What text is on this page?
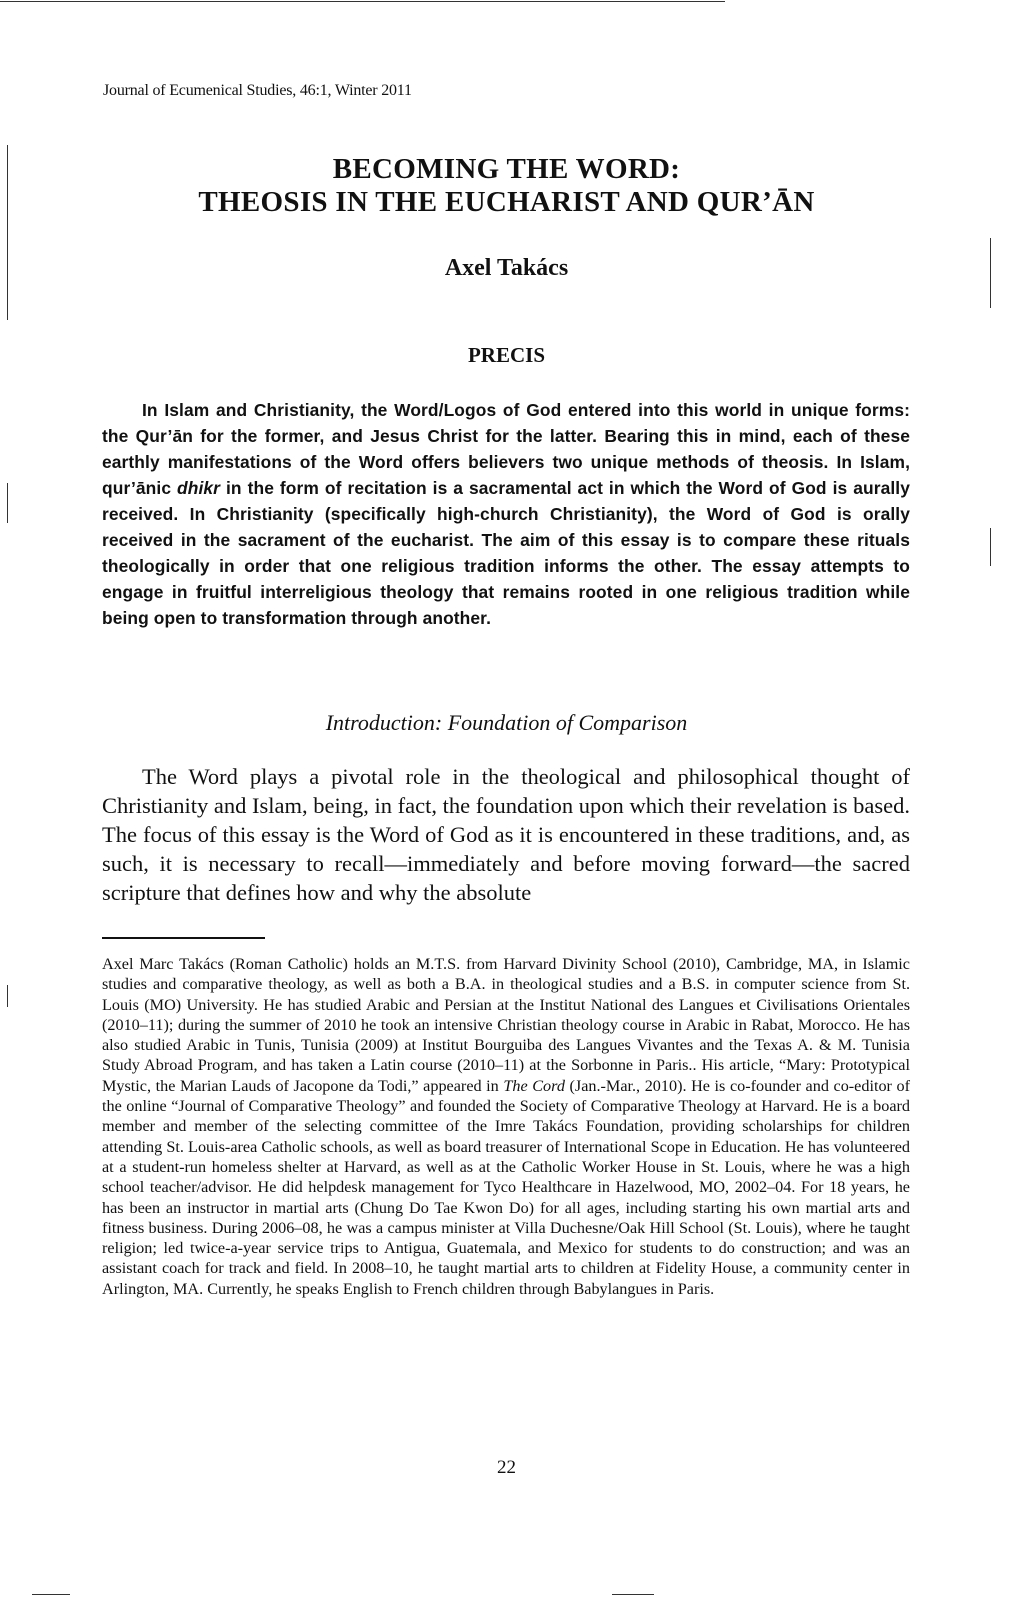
Journal of Ecumenical Studies, 46:1, Winter 2011
BECOMING THE WORD:
THEOSIS IN THE EUCHARIST AND QUR’ĀN
Axel Takács
PRECIS

In Islam and Christianity, the Word/Logos of God entered into this world in unique forms: the Qur’ān for the former, and Jesus Christ for the latter. Bearing this in mind, each of these earthly manifestations of the Word offers believers two unique methods of theosis. In Islam, qur’ānic dhikr in the form of recitation is a sacramental act in which the Word of God is aurally received. In Christianity (specifically high-church Christianity), the Word of God is orally received in the sacrament of the eucharist. The aim of this essay is to compare these rituals theologically in order that one religious tradition informs the other. The essay attempts to engage in fruitful interreligious theology that remains rooted in one religious tradition while being open to transformation through another.

Introduction: Foundation of Comparison

The Word plays a pivotal role in the theological and philosophical thought of Christianity and Islam, being, in fact, the foundation upon which their revelation is based. The focus of this essay is the Word of God as it is encountered in these traditions, and, as such, it is necessary to recall—immediately and before moving forward—the sacred scripture that defines how and why the absolute

Axel Marc Takács (Roman Catholic) holds an M.T.S. from Harvard Divinity School (2010), Cambridge, MA, in Islamic studies and comparative theology, as well as both a B.A. in theological studies and a B.S. in computer science from St. Louis (MO) University. He has studied Arabic and Persian at the Institut National des Langues et Civilisations Orientales (2010–11); during the summer of 2010 he took an intensive Christian theology course in Arabic in Rabat, Morocco. He has also studied Arabic in Tunis, Tunisia (2009) at Institut Bourguiba des Langues Vivantes and the Texas A. & M. Tunisia Study Abroad Program, and has taken a Latin course (2010–11) at the Sorbonne in Paris.. His article, “Mary: Prototypical Mystic, the Marian Lauds of Jacopone da Todi,” appeared in The Cord (Jan.-Mar., 2010). He is co-founder and co-editor of the online “Journal of Comparative Theology” and founded the Society of Comparative Theology at Harvard. He is a board member and member of the selecting committee of the Imre Takács Foundation, providing scholarships for children attending St. Louis-area Catholic schools, as well as board treasurer of International Scope in Education. He has volunteered at a student-run homeless shelter at Harvard, as well as at the Catholic Worker House in St. Louis, where he was a high school teacher/advisor. He did helpdesk management for Tyco Healthcare in Hazelwood, MO, 2002–04. For 18 years, he has been an instructor in martial arts (Chung Do Tae Kwon Do) for all ages, including starting his own martial arts and fitness business. During 2006–08, he was a campus minister at Villa Duchesne/Oak Hill School (St. Louis), where he taught religion; led twice-a-year service trips to Antigua, Guatemala, and Mexico for students to do construction; and was an assistant coach for track and field. In 2008–10, he taught martial arts to children at Fidelity House, a community center in Arlington, MA. Currently, he speaks English to French children through Babylangues in Paris.

22
